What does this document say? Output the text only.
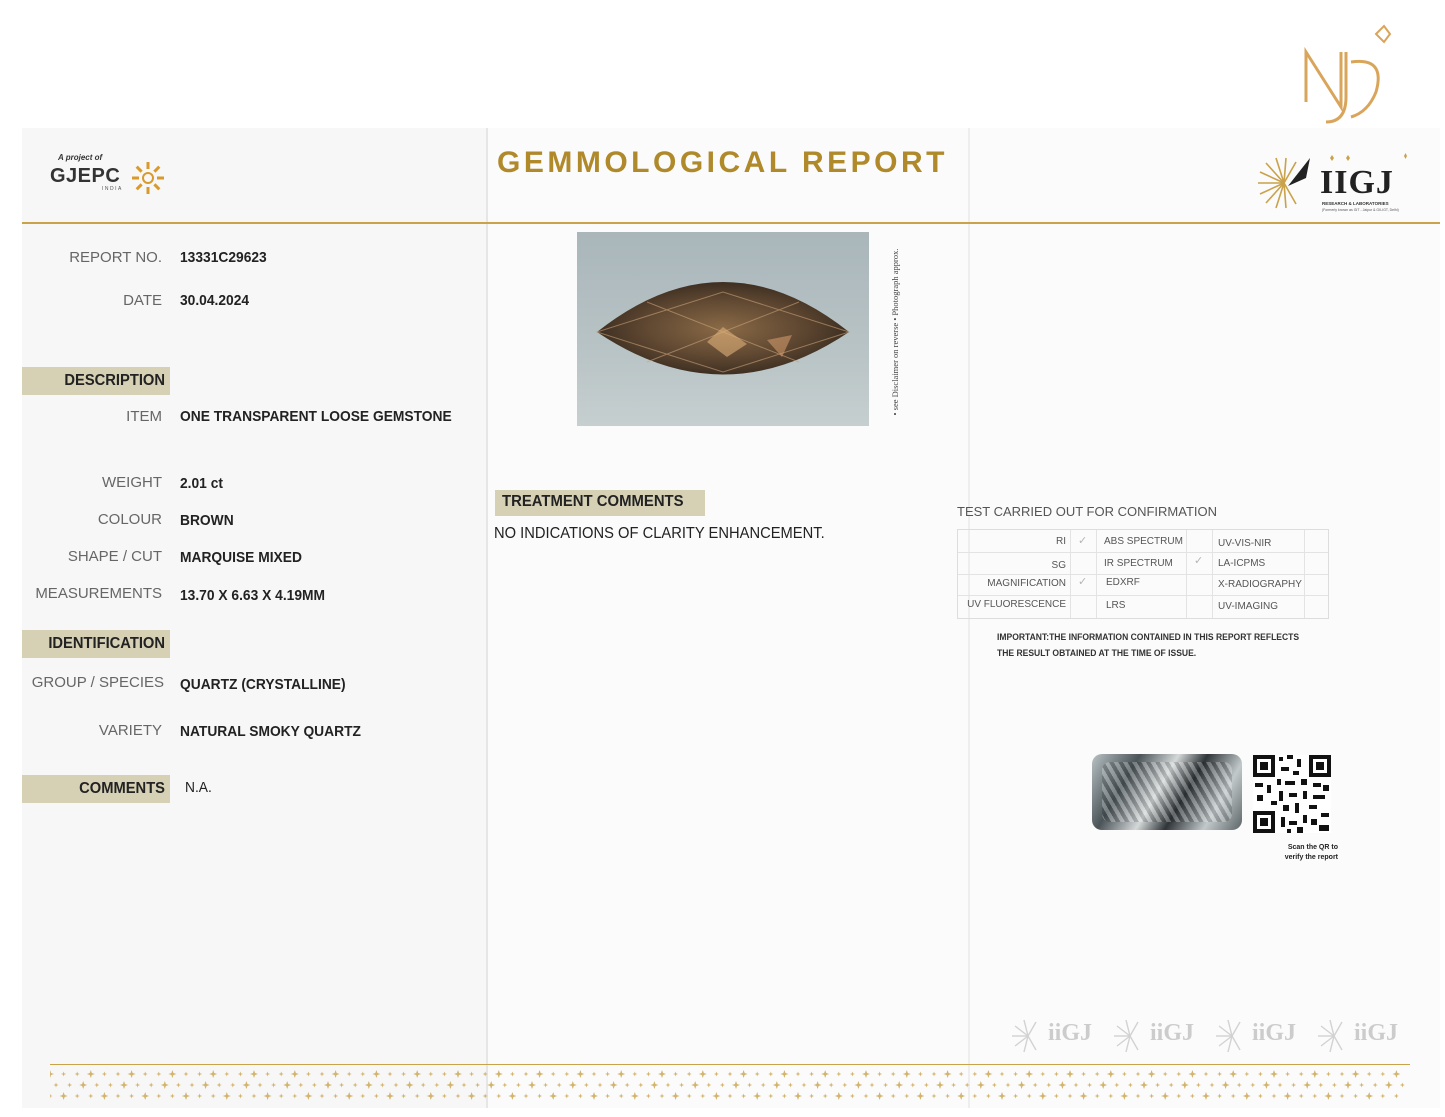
A project of
GJEPC
INDIA
GEMMOLOGICAL REPORT
IIGJ
RESEARCH & LABORATORIES
(Formerly known as GIT - Jaipur & GII-IGT, Delhi)
REPORT NO. 13331C29623
DATE 30.04.2024
DESCRIPTION
ITEM ONE TRANSPARENT LOOSE GEMSTONE
WEIGHT 2.01 ct
COLOUR BROWN
SHAPE / CUT MARQUISE MIXED
MEASUREMENTS 13.70 X 6.63 X 4.19MM
IDENTIFICATION
GROUP / SPECIES QUARTZ (CRYSTALLINE)
VARIETY NATURAL SMOKY QUARTZ
COMMENTS N.A.
• see Disclaimer on reverse • Photograph approx.
TREATMENT COMMENTS
NO INDICATIONS OF CLARITY ENHANCEMENT.
TEST CARRIED OUT FOR CONFIRMATION
RI
SG
MAGNIFICATION
UV FLUORESCENCE
✓
✓
ABS SPECTRUM
IR SPECTRUM
EDXRF
LRS
✓
UV-VIS-NIR
LA-ICPMS
X-RADIOGRAPHY
UV-IMAGING
IMPORTANT:THE INFORMATION CONTAINED IN THIS REPORT REFLECTS THE RESULT OBTAINED AT THE TIME OF ISSUE.
Scan the QR to
verify the report
iiGJ iiGJ iiGJ iiGJ
